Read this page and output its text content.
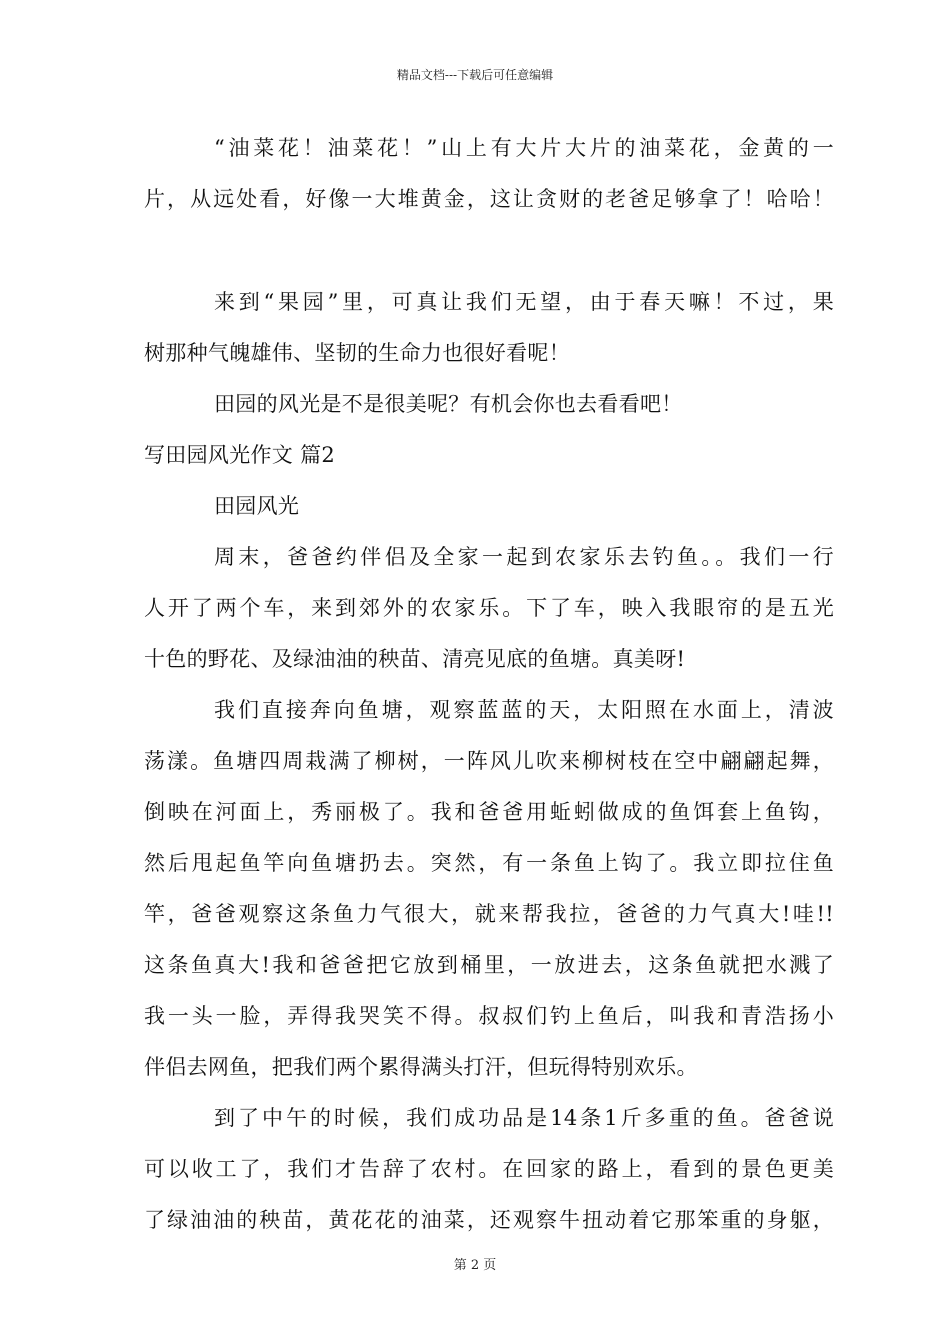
精品文档---下载后可任意编辑
“油菜花！油菜花！”山上有大片大片的油菜花，金黄的一
片，从远处看，好像一大堆黄金，这让贪财的老爸足够拿了！哈哈！
来到“果园”里，可真让我们无望，由于春天嘛！不过，果
树那种气魄雄伟、坚韧的生命力也很好看呢！
田园的风光是不是很美呢？有机会你也去看看吧！
写田园风光作文 篇2
田园风光
周末，爸爸约伴侣及全家一起到农家乐去钓鱼。。我们一行
人开了两个车，来到郊外的农家乐。下了车，映入我眼帘的是五光
十色的野花、及绿油油的秧苗、清亮见底的鱼塘。真美呀!
我们直接奔向鱼塘，观察蓝蓝的天，太阳照在水面上，清波
荡漾。鱼塘四周栽满了柳树，一阵风儿吹来柳树枝在空中翩翩起舞，
倒映在河面上，秀丽极了。我和爸爸用蚯蚓做成的鱼饵套上鱼钩，
然后甩起鱼竿向鱼塘扔去。突然，有一条鱼上钩了。我立即拉住鱼
竿，爸爸观察这条鱼力气很大，就来帮我拉，爸爸的力气真大!哇!!
这条鱼真大!我和爸爸把它放到桶里，一放进去，这条鱼就把水溅了
我一头一脸，弄得我哭笑不得。叔叔们钓上鱼后，叫我和青浩扬小
伴侣去网鱼，把我们两个累得满头打汗，但玩得特别欢乐。
到了中午的时候，我们成功品是14条1斤多重的鱼。爸爸说
可以收工了，我们才告辞了农村。在回家的路上，看到的景色更美
了绿油油的秧苗，黄花花的油菜，还观察牛扭动着它那笨重的身躯，
第 2 页
